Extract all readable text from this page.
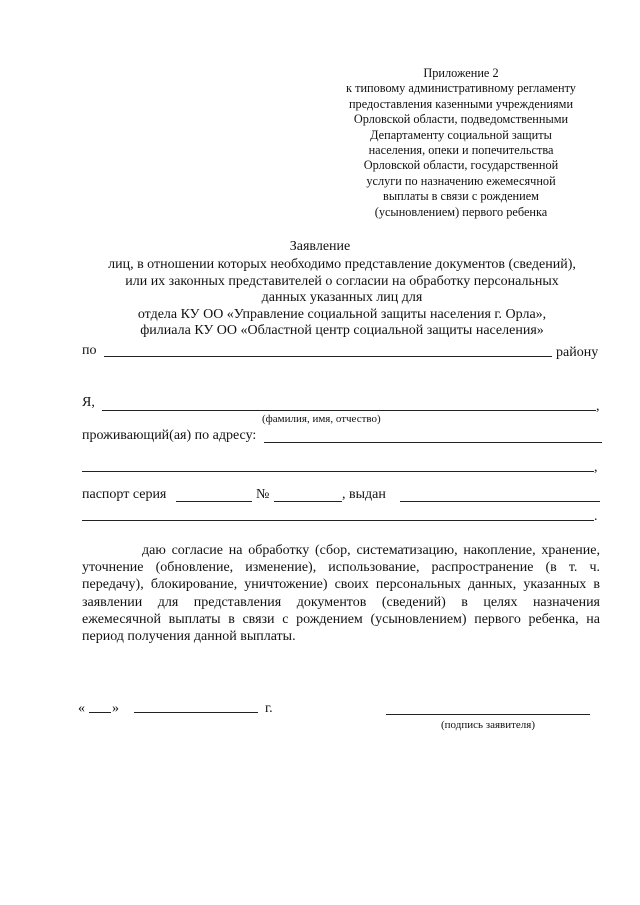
Приложение 2
к типовому административному регламенту
предоставления казенными учреждениями
Орловской области, подведомственными
Департаменту социальной защиты
населения, опеки и попечительства
Орловской области, государственной
услуги по назначению ежемесячной
выплаты в связи с рождением
(усыновлением) первого ребенка
Заявление
лиц, в отношении которых необходимо представление документов (сведений),
или их законных представителей о согласии на обработку персональных
данных указанных лиц для
отдела КУ ОО «Управление социальной защиты населения г. Орла»,
филиала КУ ОО «Областной центр социальной защиты населения»
по	району
Я,	,
(фамилия, имя, отчество)
проживающий(ая) по адресу:
,
паспорт серия	№	, выдан
.
даю согласие на обработку (сбор, систематизацию, накопление, хранение,
уточнение (обновление, изменение), использование, распространение (в т. ч.
передачу), блокирование, уничтожение) своих персональных данных, указанных в
заявлении для представления документов (сведений) в целях назначения
ежемесячной выплаты в связи с рождением (усыновлением) первого ребенка, на
период получения данной выплаты.
« »	г.
(подпись заявителя)
